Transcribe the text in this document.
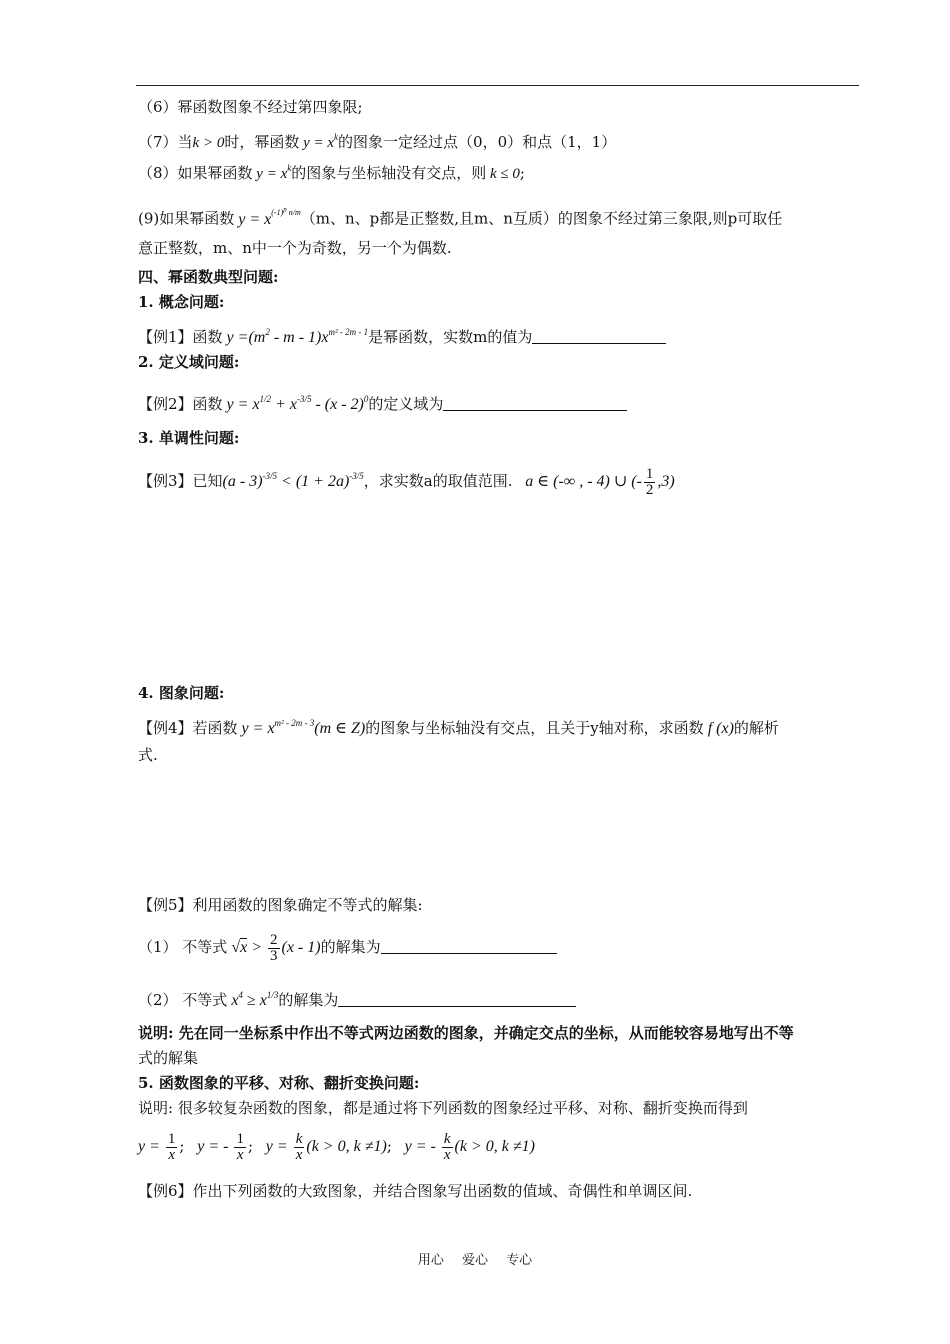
（6）幂函数图象不经过第四象限;
（7）当k > 0时，幂函数 $y = x^k$的图象一定经过点（0，0）和点（1，1）
（8）如果幂函数 $y = x^k$的图象与坐标轴没有交点，则 k ≤ 0;
(9)如果幂函数 $y = x^{(-1)^p n/m}(m$、n、p都是正整数,且m、n互质）的图象不经过第三象限,则p可取任
意正整数，m、n中一个为奇数，另一个为偶数.
四、幂函数典型问题:
1. 概念问题:
【例1】函数 $y =(m^2 - m - 1)x^{m^2 - 2m - 1}$是幂函数，实数m的值为
2. 定义域问题:
【例2】函数 $y = x^{1/2} + x^{-3/5} - (x - 2)^0$的定义域为
3. 单调性问题:
【例3】已知$(a - 3)^{-3/5} < (1 + 2a)^{-3/5}$，求实数a的取值范围. a ∈ (-∞ , - 4) ∪ (- $\frac{1}{2} ,3$)
4. 图象问题:
【例4】若函数 $y = x^{m^2 - 2m - 3}(m$ ∈ Z)的图象与坐标轴没有交点，且关于y轴对称，求函数 f (x)的解析
式.
【例5】利用函数的图象确定不等式的解集:
（1） 不等式 $√x > \frac{2}{3} (x - 1)$的解集为
（2） 不等式 $x^4 \ge x^{1/3}$的解集为
说明: 先在同一坐标系中作出不等式两边函数的图象，并确定交点的坐标，从而能较容易地写出不等
式的解集
5. 函数图象的平移、对称、翻折变换问题:
说明: 很多较复杂函数的图象，都是通过将下列函数的图象经过平移、对称、翻折变换而得到
$y = \frac{1}{x}$ ; y = - $\frac{1}{x}$ ; $y = \frac{k}{x} (k > 0$, k ≠1); y = - $\frac{k}{x} (k > 0$, k ≠1)
【例6】作出下列函数的大致图象，并结合图象写出函数的值域、奇偶性和单调区间.
用心 爱心 专心
